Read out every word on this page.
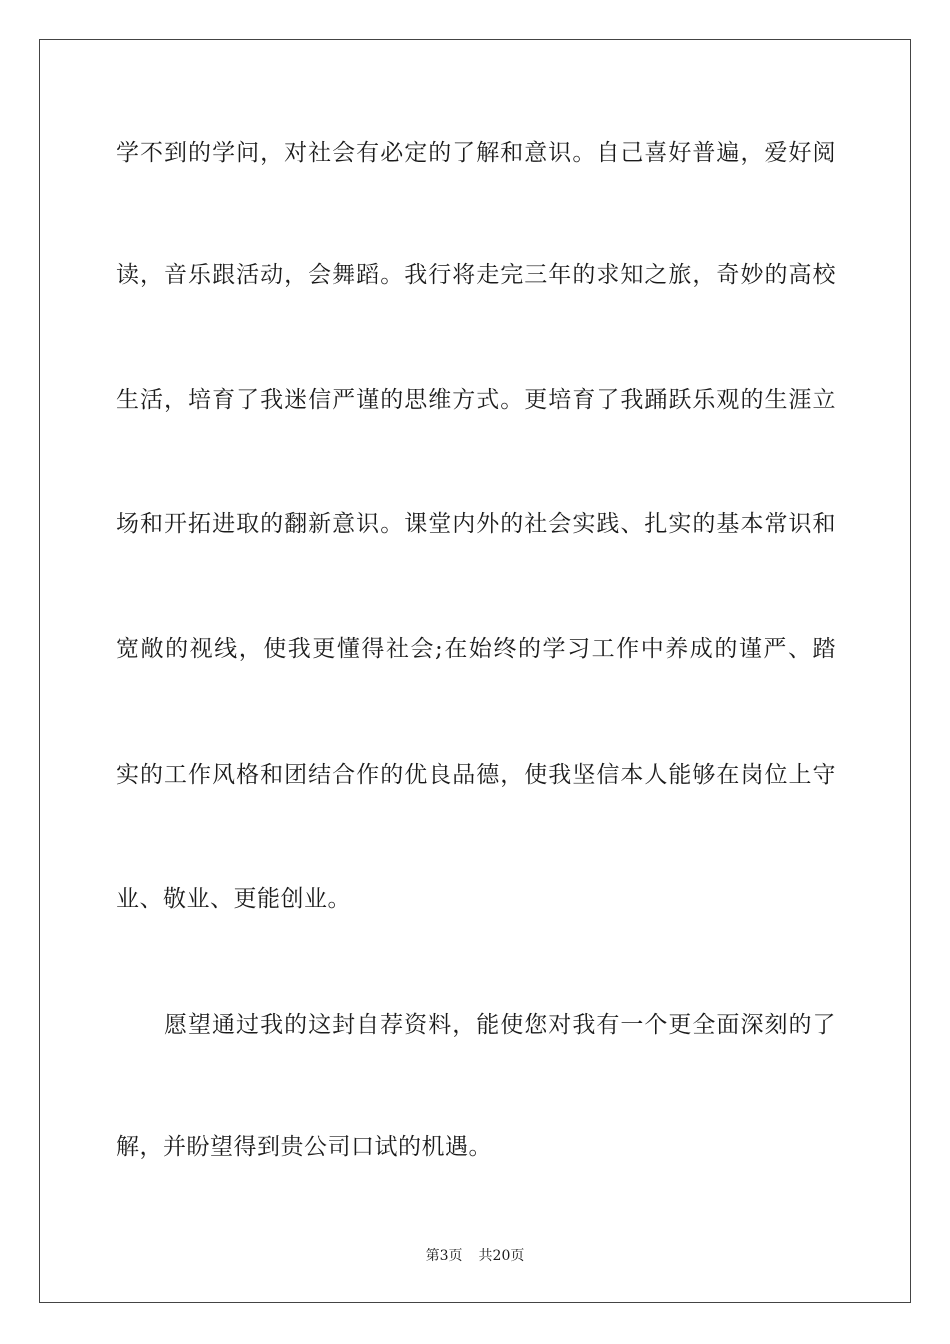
学不到的学问，对社会有必定的了解和意识。自己喜好普遍，爱好阅
读，音乐跟活动，会舞蹈。我行将走完三年的求知之旅，奇妙的高校
生活，培育了我迷信严谨的思维方式。更培育了我踊跃乐观的生涯立
场和开拓进取的翻新意识。课堂内外的社会实践、扎实的基本常识和
宽敞的视线，使我更懂得社会;在始终的学习工作中养成的谨严、踏
实的工作风格和团结合作的优良品德，使我坚信本人能够在岗位上守
业、敬业、更能创业。
愿望通过我的这封自荐资料，能使您对我有一个更全面深刻的了
解，并盼望得到贵公司口试的机遇。
第3页 共20页
